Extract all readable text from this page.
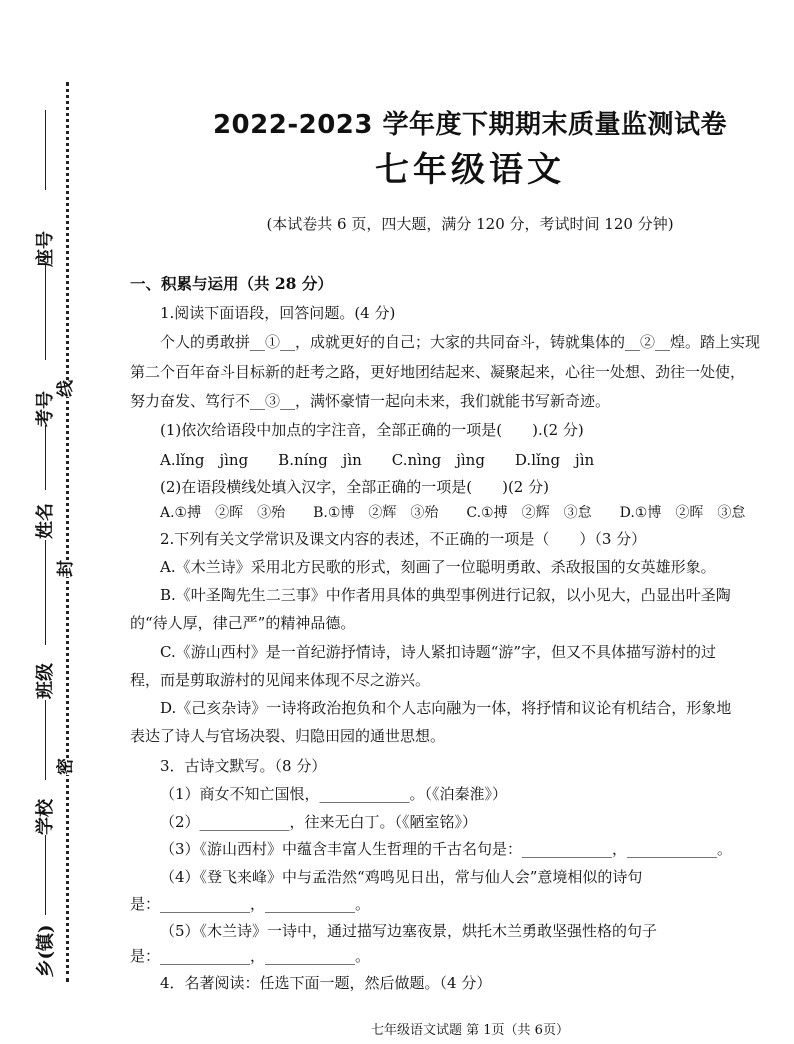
线
封
密
座号
考号
姓名
班级
学校
乡(镇)
2022-2023 学年度下期期末质量监测试卷
七年级语文
(本试卷共 6 页，四大题，满分 120 分，考试时间 120 分钟)
一、积累与运用（共 28 分）
1.阅读下面语段，回答问题。(4 分)
个人的勇敢拼__①__，成就更好的自己；大家的共同奋斗，铸就集体的__②__煌。踏上实现
第二个百年奋斗目标新的赶考之路，更好地团结起来、凝聚起来，心往一处想、劲往一处使，
努力奋发、笃行不__③__，满怀豪情一起向未来，我们就能书写新奇迹。
(1)依次给语段中加点的字注音，全部正确的一项是(　　).(2 分)
A.lǐng　jìng　　B.níng　jìn　　C.nìng　jìng　　D.lǐng　jìn
(2)在语段横线处填入汉字，全部正确的一项是(　　)(2 分)
A.①搏　②晖　③殆　　B.①博　②辉　③殆　　C.①搏　②辉　③怠　　D.①博　②晖　③怠
2.下列有关文学常识及课文内容的表述，不正确的一项是（　　）（3 分）
A.《木兰诗》采用北方民歌的形式，刻画了一位聪明勇敢、杀敌报国的女英雄形象。
B.《叶圣陶先生二三事》中作者用具体的典型事例进行记叙，以小见大，凸显出叶圣陶
的“待人厚，律己严”的精神品德。
C.《游山西村》是一首纪游抒情诗，诗人紧扣诗题“游”字，但又不具体描写游村的过
程，而是剪取游村的见闻来体现不尽之游兴。
D.《己亥杂诗》一诗将政治抱负和个人志向融为一体，将抒情和议论有机结合，形象地
表达了诗人与官场决裂、归隐田园的通世思想。
3．古诗文默写。（8 分）
（1）商女不知亡国恨，____________。（《泊秦淮》）
（2）____________，往来无白丁。（《陋室铭》）
（3）《游山西村》中蕴含丰富人生哲理的千古名句是：____________，____________。
（4）《登飞来峰》中与孟浩然“鸡鸣见日出，常与仙人会”意境相似的诗句
是：____________，____________。
（5）《木兰诗》一诗中，通过描写边塞夜景，烘托木兰勇敢坚强性格的句子
是：____________，____________。
4．名著阅读：任选下面一题，然后做题。（4 分）
七年级语文试题 第 1页（共 6页）
